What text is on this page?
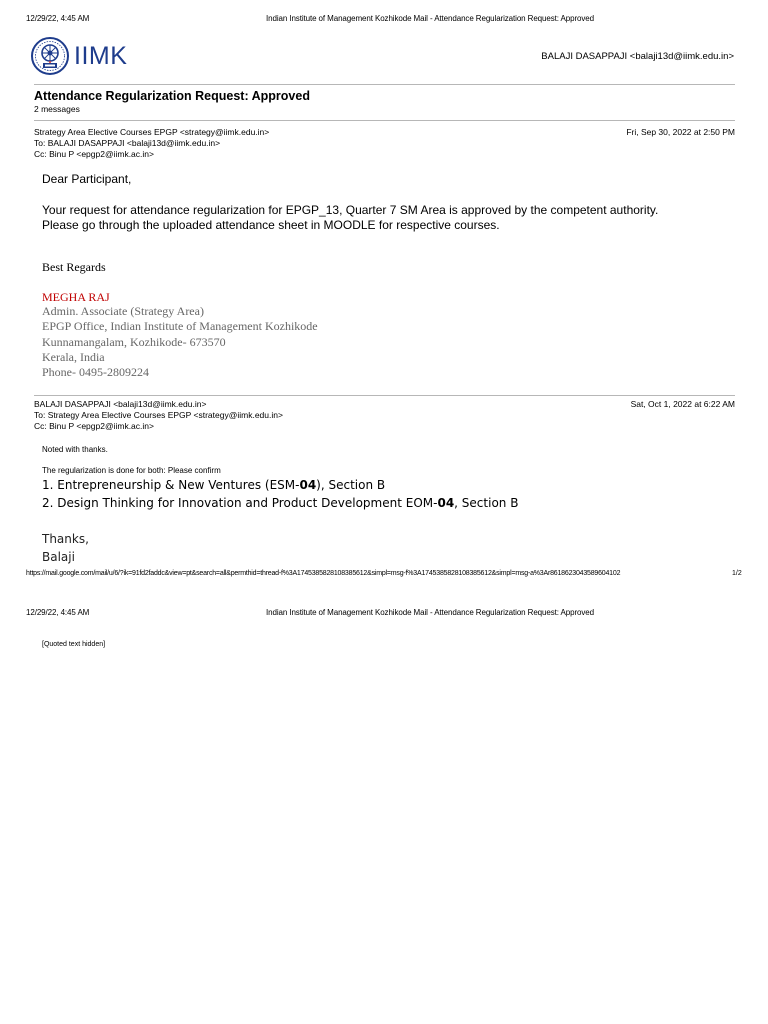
12/29/22, 4:45 AM	Indian Institute of Management Kozhikode Mail - Attendance Regularization Request: Approved
IIMK	BALAJI DASAPPAJI <balaji13d@iimk.edu.in>
Attendance Regularization Request: Approved
2 messages
Strategy Area Elective Courses EPGP <strategy@iimk.edu.in>
To: BALAJI DASAPPAJI <balaji13d@iimk.edu.in>
Cc: Binu P <epgp2@iimk.ac.in>
Fri, Sep 30, 2022 at 2:50 PM
Dear Participant,
Your request for attendance regularization for EPGP_13, Quarter 7 SM Area is approved by the competent authority.
Please go through the uploaded attendance sheet in MOODLE for respective courses.
Best Regards
MEGHA RAJ
Admin. Associate (Strategy Area)
EPGP Office, Indian Institute of Management Kozhikode
Kunnamangalam, Kozhikode- 673570
Kerala, India
Phone- 0495-2809224
BALAJI DASAPPAJI <balaji13d@iimk.edu.in>
To: Strategy Area Elective Courses EPGP <strategy@iimk.edu.in>
Cc: Binu P <epgp2@iimk.ac.in>
Sat, Oct 1, 2022 at 6:22 AM
Noted with thanks.
The regularization is done for both: Please confirm
1. Entrepreneurship & New Ventures (ESM-04), Section B
2. Design Thinking for Innovation and Product Development EOM-04, Section B
Thanks,
Balaji
https://mail.google.com/mail/u/6/?ik=91fd2faddc&view=pt&search=all&permthid=thread-f%3A1745385828108385612&simpl=msg-f%3A1745385828108385612&simpl=msg-a%3Ar8618623043589604102	1/2
12/29/22, 4:45 AM	Indian Institute of Management Kozhikode Mail - Attendance Regularization Request: Approved
[Quoted text hidden]
